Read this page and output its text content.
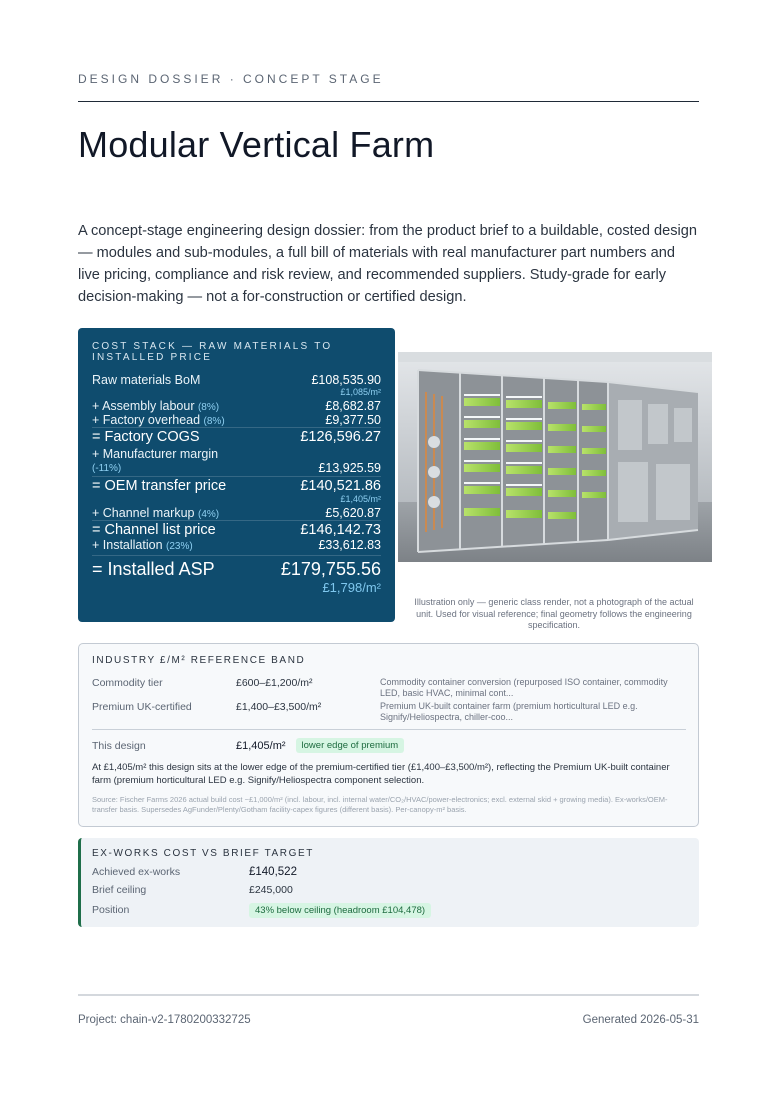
DESIGN DOSSIER · CONCEPT STAGE
Modular Vertical Farm

A concept-stage engineering design dossier: from the product brief to a buildable, costed design — modules and sub-modules, a full bill of materials with real manufacturer part numbers and live pricing, compliance and risk review, and recommended suppliers. Study-grade for early decision-making — not a for-construction or certified design.

COST STACK — RAW MATERIALS TO INSTALLED PRICE
Raw materials BoM	£108,535.90
£1,085/m²
+ Assembly labour (8%)	£8,682.87
+ Factory overhead (8%)	£9,377.50
= Factory COGS	£126,596.27
+ Manufacturer margin (-11%)	£13,925.59
= OEM transfer price	£140,521.86
£1,405/m²
+ Channel markup (4%)	£5,620.87
= Channel list price	£146,142.73
+ Installation (23%)	£33,612.83
= Installed ASP	£179,755.56
£1,798/m²

Illustration only — generic class render, not a photograph of the actual unit. Used for visual reference; final geometry follows the engineering specification.

INDUSTRY £/M² REFERENCE BAND
Commodity tier	£600–£1,200/m²	Commodity container conversion (repurposed ISO container, commodity LED, basic HVAC, minimal cont...
Premium UK-certified	£1,400–£3,500/m²	Premium UK-built container farm (premium horticultural LED e.g. Signify/Heliospectra, chiller-coo...
This design	£1,405/m²	lower edge of premium

At £1,405/m² this design sits at the lower edge of the premium-certified tier (£1,400–£3,500/m²), reflecting the Premium UK-built container farm (premium horticultural LED e.g. Signify/Heliospectra component selection.

Source: Fischer Farms 2026 actual build cost ~£1,000/m² (incl. labour, incl. internal water/CO₂/HVAC/power-electronics; excl. external skid + growing media). Ex-works/OEM-transfer basis. Supersedes AgFunder/Plenty/Gotham facility-capex figures (different basis). Per-canopy-m² basis.

EX-WORKS COST VS BRIEF TARGET
Achieved ex-works	£140,522
Brief ceiling	£245,000
Position	43% below ceiling (headroom £104,478)
Project: chain-v2-1780200332725	Generated 2026-05-31
